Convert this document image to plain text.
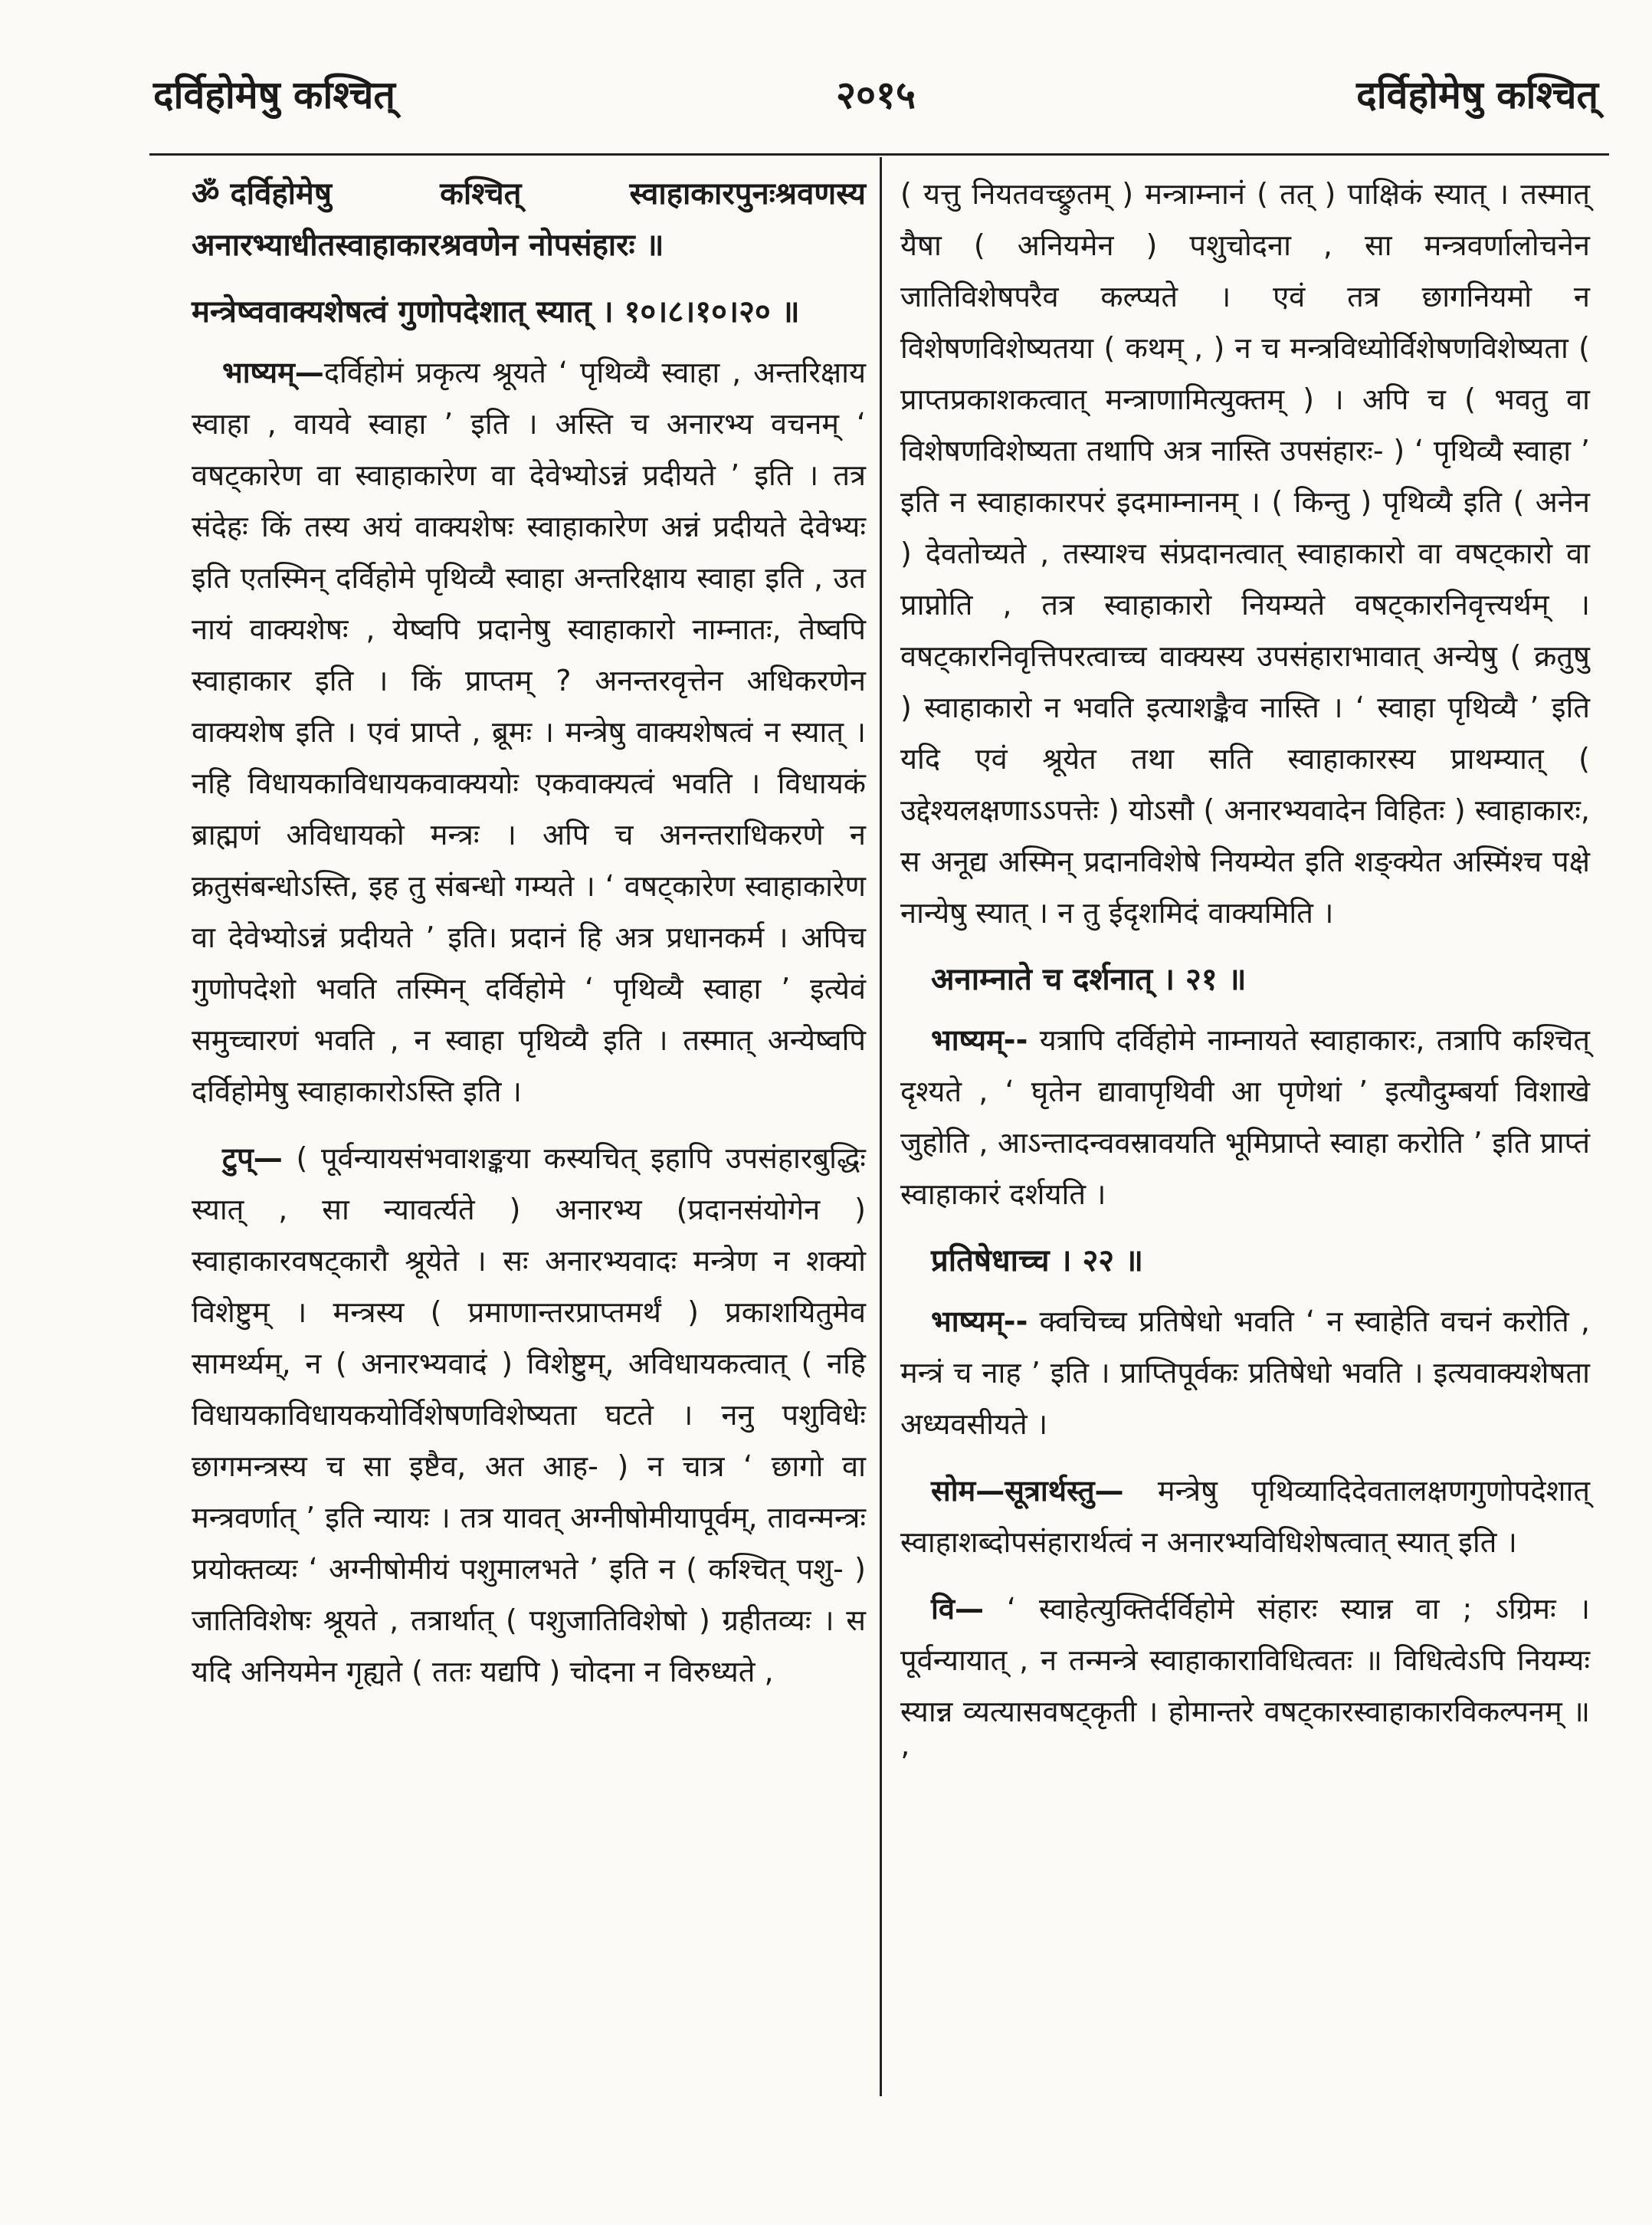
दर्विहोमेषु कश्चित्	२०१५	दर्विहोमेषु कश्चित्

ॐ दर्विहोमेषु कश्चित् स्वाहाकारपुनःश्रवणस्य अनारभ्याधीतस्वाहाकारश्रवणेन नोपसंहारः ॥

मन्त्रेष्ववाक्यशेषत्वं गुणोपदेशात् स्यात् । १०।८।१०।२० ॥

भाष्यम्—दर्विहोमं प्रकृत्य श्रूयते ‘ पृथिव्यै स्वाहा , अन्तरिक्षाय स्वाहा , वायवे स्वाहा ’ इति । अस्ति च अनारभ्य वचनम् ‘ वषट्कारेण वा स्वाहाकारेण वा देवेभ्योऽन्नं प्रदीयते ’ इति । तत्र संदेहः किं तस्य अयं वाक्यशेषः स्वाहाकारेण अन्नं प्रदीयते देवेभ्यः इति एतस्मिन् दर्विहोमे पृथिव्यै स्वाहा अन्तरिक्षाय स्वाहा इति , उत नायं वाक्यशेषः , येष्वपि प्रदानेषु स्वाहाकारो नाम्नातः, तेष्वपि स्वाहाकार इति । किं प्राप्तम् ? अनन्तरवृत्तेन अधिकरणेन वाक्यशेष इति । एवं प्राप्ते , ब्रूमः । मन्त्रेषु वाक्यशेषत्वं न स्यात् । नहि विधायकाविधायकवाक्ययोः एकवाक्यत्वं भवति । विधायकं ब्राह्मणं अविधायको मन्त्रः । अपि च अनन्तराधिकरणे न क्रतुसंबन्धोऽस्ति, इह तु संबन्धो गम्यते । ‘ वषट्कारेण स्वाहाकारेण वा देवेभ्योऽन्नं प्रदीयते ’ इति। प्रदानं हि अत्र प्रधानकर्म । अपिच गुणोपदेशो भवति तस्मिन् दर्विहोमे ‘ पृथिव्यै स्वाहा ’ इत्येवं समुच्चारणं भवति , न स्वाहा पृथिव्यै इति । तस्मात् अन्येष्वपि दर्विहोमेषु स्वाहाकारोऽस्ति इति ।

टुप्— ( पूर्वन्यायसंभवाशङ्कया कस्यचित् इहापि उपसंहारबुद्धिः स्यात् , सा न्यावर्त्यते ) अनारभ्य (प्रदानसंयोगेन ) स्वाहाकारवषट्कारौ श्रूयेते । सः अनारभ्यवादः मन्त्रेण न शक्यो विशेष्टुम् । मन्त्रस्य ( प्रमाणान्तरप्राप्तमर्थं ) प्रकाशयितुमेव सामर्थ्यम्, न ( अनारभ्यवादं ) विशेष्टुम्, अविधायकत्वात् ( नहि विधायकाविधायकयोर्विशेषणविशेष्यता घटते । ननु पशुविधेः छागमन्त्रस्य च सा इष्टैव, अत आह- ) न चात्र ‘ छागो वा मन्त्रवर्णात् ’ इति न्यायः । तत्र यावत् अग्नीषोमीयापूर्वम्, तावन्मन्त्रः प्रयोक्तव्यः ‘ अग्नीषोमीयं पशुमालभते ’ इति न ( कश्चित् पशु- ) जातिविशेषः श्रूयते , तत्रार्थात् ( पशुजातिविशेषो ) ग्रहीतव्यः । स यदि अनियमेन गृह्यते ( ततः यद्यपि ) चोदना न विरुध्यते ,

( यत्तु नियतवच्छ्रुतम् ) मन्त्राम्नानं ( तत् ) पाक्षिकं स्यात् । तस्मात् यैषा ( अनियमेन ) पशुचोदना , सा मन्त्रवर्णालोचनेन जातिविशेषपरैव कल्प्यते । एवं तत्र छागनियमो न विशेषणविशेष्यतया ( कथम् , ) न च मन्त्रविध्योर्विशेषणविशेष्यता ( प्राप्तप्रकाशकत्वात् मन्त्राणामित्युक्तम् ) । अपि च ( भवतु वा विशेषणविशेष्यता तथापि अत्र नास्ति उपसंहारः- ) ‘ पृथिव्यै स्वाहा ’ इति न स्वाहाकारपरं इदमाम्नानम् । ( किन्तु ) पृथिव्यै इति ( अनेन ) देवतोच्यते , तस्याश्च संप्रदानत्वात् स्वाहाकारो वा वषट्कारो वा प्राप्नोति , तत्र स्वाहाकारो नियम्यते वषट्कारनिवृत्त्यर्थम् । वषट्कारनिवृत्तिपरत्वाच्च वाक्यस्य उपसंहाराभावात् अन्येषु ( क्रतुषु ) स्वाहाकारो न भवति इत्याशङ्कैव नास्ति । ‘ स्वाहा पृथिव्यै ’ इति यदि एवं श्रूयेत तथा सति स्वाहाकारस्य प्राथम्यात् ( उद्देश्यलक्षणाऽऽपत्तेः ) योऽसौ ( अनारभ्यवादेन विहितः ) स्वाहाकारः, स अनूद्य अस्मिन् प्रदानविशेषे नियम्येत इति शङ्क्येत अस्मिंश्च पक्षे नान्येषु स्यात् । न तु ईदृशमिदं वाक्यमिति ।

अनाम्नाते च दर्शनात् । २१ ॥

भाष्यम्-- यत्रापि दर्विहोमे नाम्नायते स्वाहाकारः, तत्रापि कश्चित् दृश्यते , ‘ घृतेन द्यावापृथिवी आ पृणेथां ’ इत्यौदुम्बर्या विशाखे जुहोति , आऽन्तादन्ववस्रावयति भूमिप्राप्ते स्वाहा करोति ’ इति प्राप्तं स्वाहाकारं दर्शयति ।

प्रतिषेधाच्च । २२ ॥

भाष्यम्-- क्वचिच्च प्रतिषेधो भवति ‘ न स्वाहेति वचनं करोति , मन्त्रं च नाह ’ इति । प्राप्तिपूर्वकः प्रतिषेधो भवति । इत्यवाक्यशेषता अध्यवसीयते ।

सोम—सूत्रार्थस्तु— मन्त्रेषु पृथिव्यादिदेवतालक्षणगुणोपदेशात् स्वाहाशब्दोपसंहारार्थत्वं न अनारभ्यविधिशेषत्वात् स्यात् इति ।

वि— ‘ स्वाहेत्युक्तिर्दर्विहोमे संहारः स्यान्न वा ; ऽग्रिमः । पूर्वन्यायात् , न तन्मन्त्रे स्वाहाकाराविधित्वतः ॥ विधित्वेऽपि नियम्यः स्यान्न व्यत्यासवषट्कृती । होमान्तरे वषट्कारस्वाहाकारविकल्पनम् ॥ ’
